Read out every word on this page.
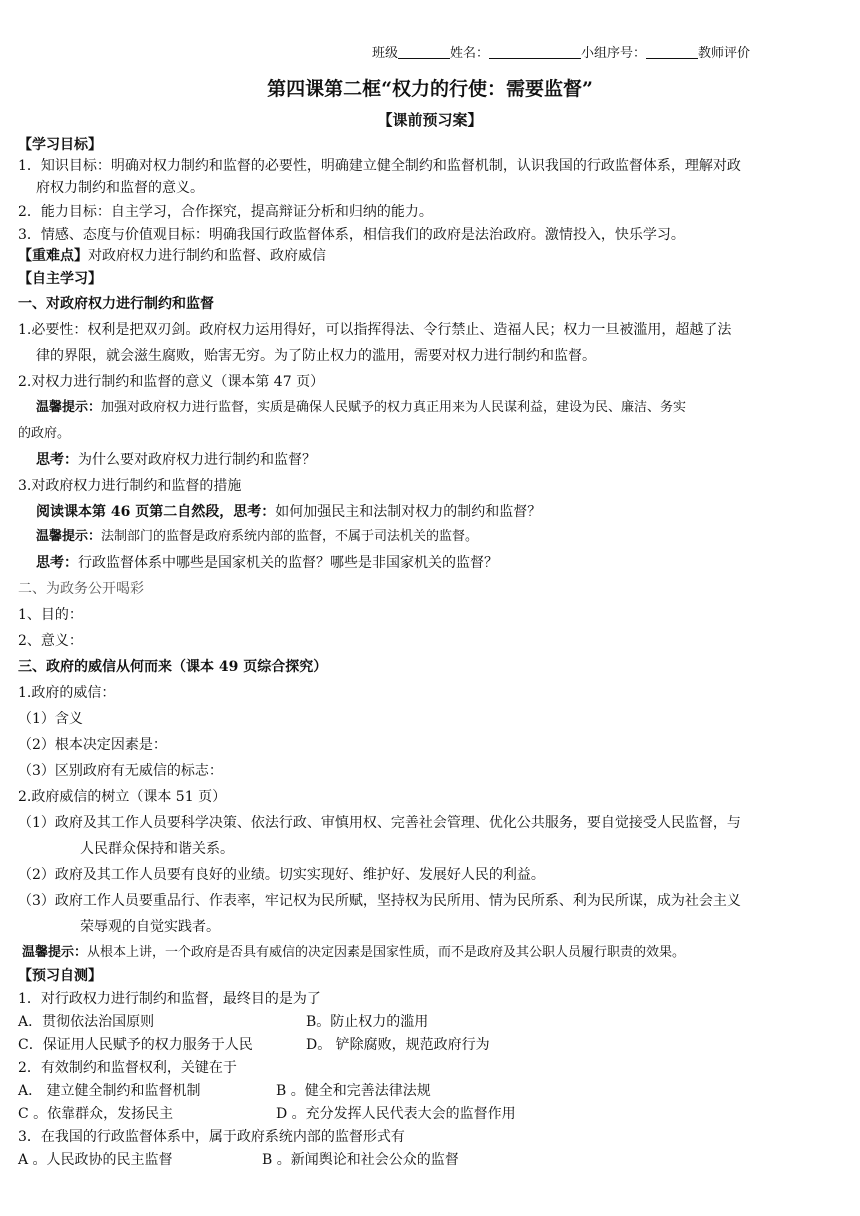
班级	姓名：	小组序号：	教师评价
第四课第二框“权力的行使：需要监督”
【课前预习案】
【学习目标】
1．知识目标：明确对权力制约和监督的必要性，明确建立健全制约和监督机制，认识我国的行政监督体系，理解对政
府权力制约和监督的意义。
2．能力目标：自主学习，合作探究，提高辩证分析和归纳的能力。
3．情感、态度与价值观目标：明确我国行政监督体系，相信我们的政府是法治政府。激情投入，快乐学习。
【重难点】对政府权力进行制约和监督、政府威信
【自主学习】
一、对政府权力进行制约和监督
1.必要性：权利是把双刃剑。政府权力运用得好，可以指挥得法、令行禁止、造福人民；权力一旦被滥用，超越了法
律的界限，就会滋生腐败，贻害无穷。为了防止权力的滥用，需要对权力进行制约和监督。
2.对权力进行制约和监督的意义（课本第 47 页）
温馨提示：加强对政府权力进行监督，实质是确保人民赋予的权力真正用来为人民谋利益，建设为民、廉洁、务实
的政府。
思考：为什么要对政府权力进行制约和监督？
3.对政府权力进行制约和监督的措施
阅读课本第 46 页第二自然段，思考：如何加强民主和法制对权力的制约和监督？
温馨提示：法制部门的监督是政府系统内部的监督，不属于司法机关的监督。
思考：行政监督体系中哪些是国家机关的监督？哪些是非国家机关的监督？
二、为政务公开喝彩
1、目的：
2、意义：
三、政府的威信从何而来（课本 49 页综合探究）
1.政府的威信：
（1）含义
（2）根本决定因素是：
（3）区别政府有无威信的标志：
2.政府威信的树立（课本 51 页）
（1）政府及其工作人员要科学决策、依法行政、审慎用权、完善社会管理、优化公共服务，要自觉接受人民监督，与
人民群众保持和谐关系。
（2）政府及其工作人员要有良好的业绩。切实实现好、维护好、发展好人民的利益。
（3）政府工作人员要重品行、作表率，牢记权为民所赋，坚持权为民所用、情为民所系、利为民所谋，成为社会主义
荣辱观的自觉实践者。
温馨提示：从根本上讲，一个政府是否具有威信的决定因素是国家性质，而不是政府及其公职人员履行职责的效果。
【预习自测】
1．对行政权力进行制约和监督，最终目的是为了
A．贯彻依法治国原则	B。防止权力的滥用
C．保证用人民赋予的权力服务于人民	D。 铲除腐败，规范政府行为
2．有效制约和监督权利，关键在于
A． 建立健全制约和监督机制	B 。健全和完善法律法规
C 。依靠群众，发扬民主	D 。充分发挥人民代表大会的监督作用
3．在我国的行政监督体系中，属于政府系统内部的监督形式有
A 。人民政协的民主监督	B 。新闻舆论和社会公众的监督
